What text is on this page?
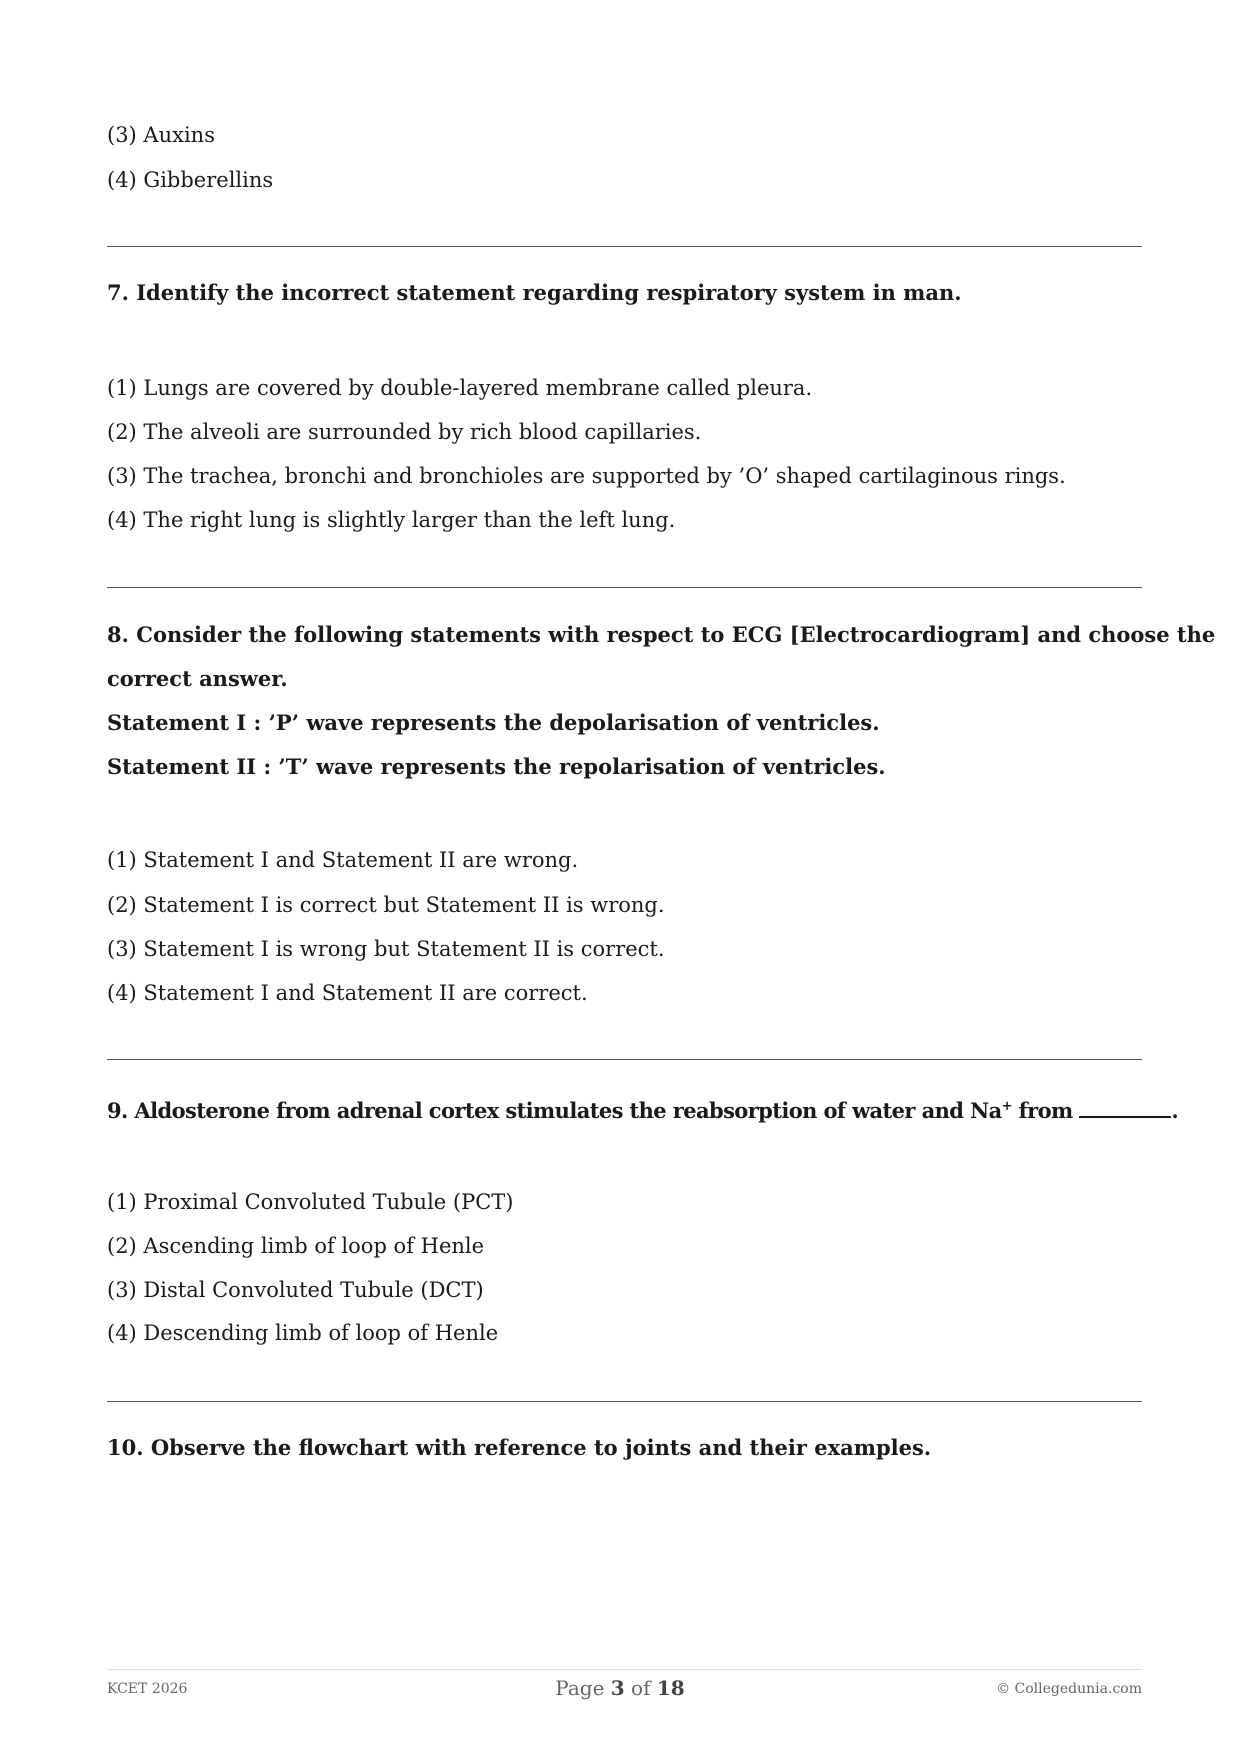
(3) Auxins
(4) Gibberellins
7. Identify the incorrect statement regarding respiratory system in man.
(1) Lungs are covered by double-layered membrane called pleura.
(2) The alveoli are surrounded by rich blood capillaries.
(3) The trachea, bronchi and bronchioles are supported by ’O’ shaped cartilaginous rings.
(4) The right lung is slightly larger than the left lung.
8. Consider the following statements with respect to ECG [Electrocardiogram] and choose the
correct answer.
Statement I : ’P’ wave represents the depolarisation of ventricles.
Statement II : ’T’ wave represents the repolarisation of ventricles.
(1) Statement I and Statement II are wrong.
(2) Statement I is correct but Statement II is wrong.
(3) Statement I is wrong but Statement II is correct.
(4) Statement I and Statement II are correct.
9. Aldosterone from adrenal cortex stimulates the reabsorption of water and Na+ from	.
(1) Proximal Convoluted Tubule (PCT)
(2) Ascending limb of loop of Henle
(3) Distal Convoluted Tubule (DCT)
(4) Descending limb of loop of Henle
10. Observe the flowchart with reference to joints and their examples.
KCET 2026	Page 3 of 18	© Collegedunia.com
